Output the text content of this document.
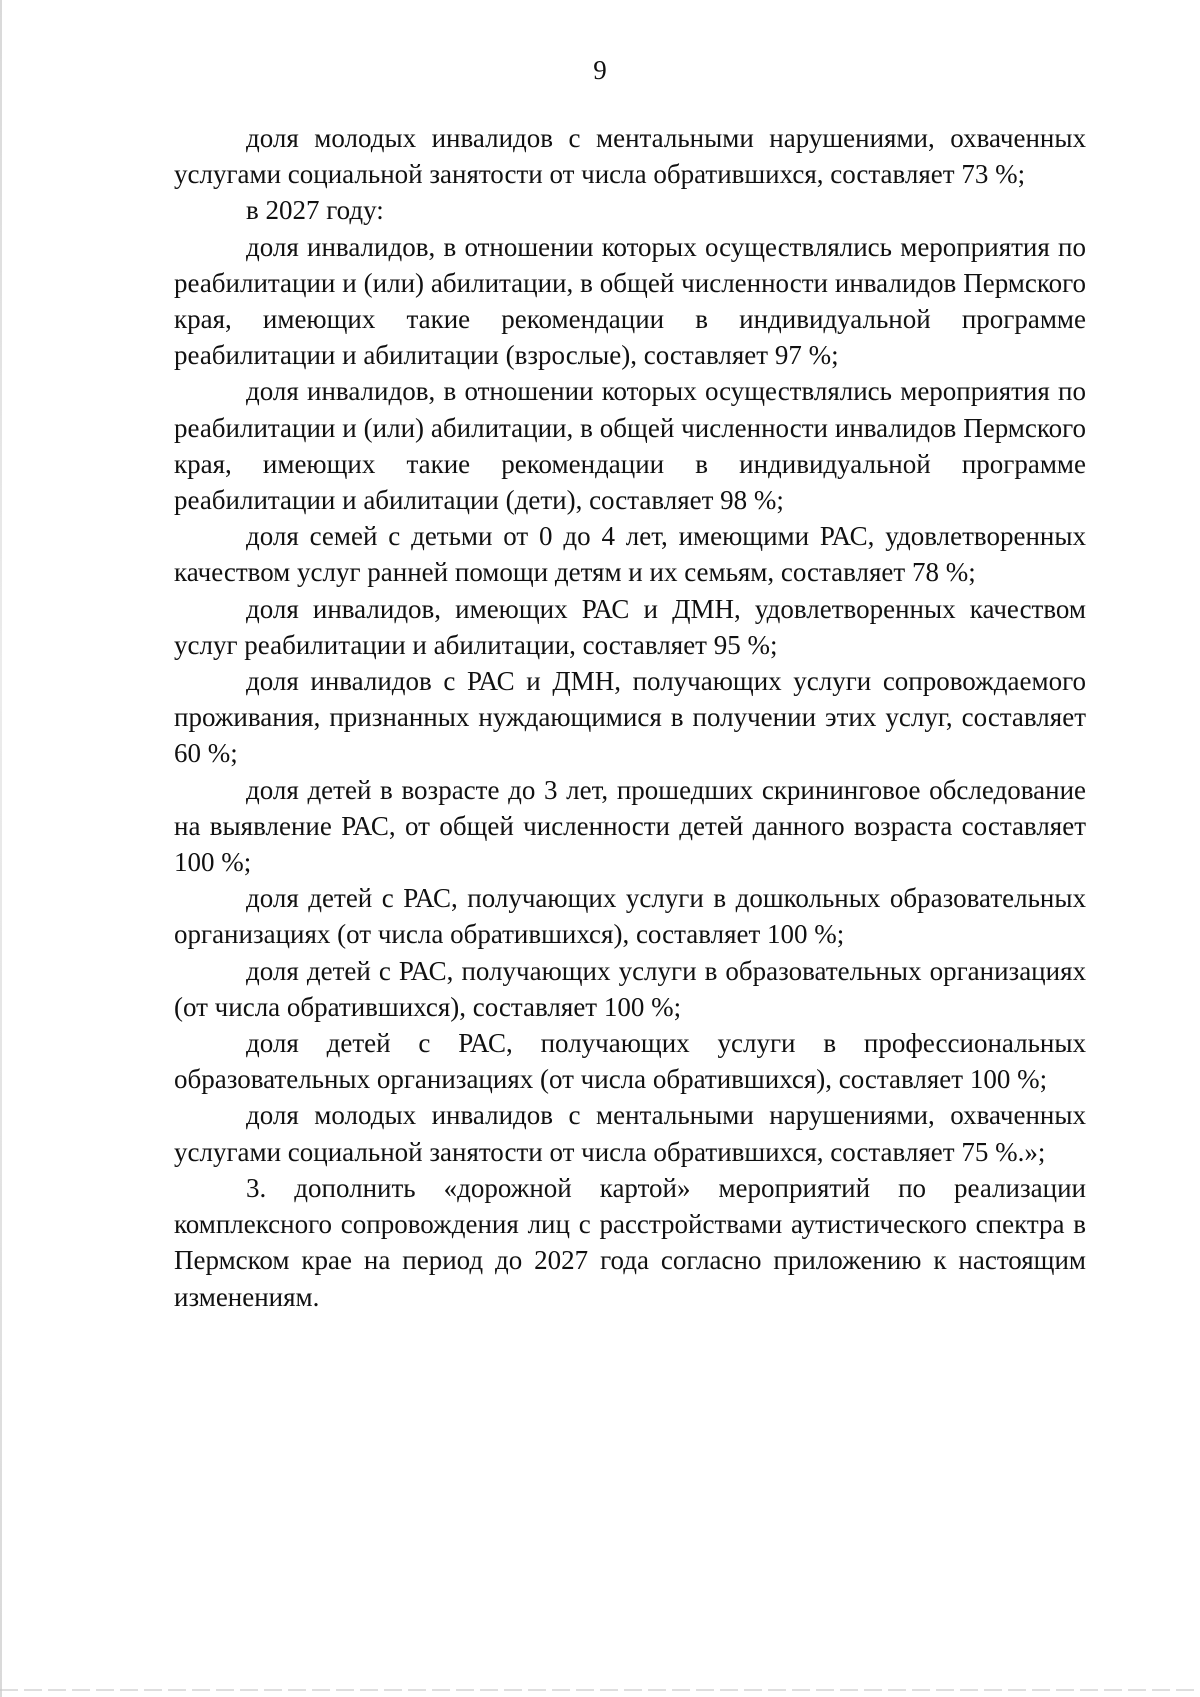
9

доля молодых инвалидов с ментальными нарушениями, охваченных услугами социальной занятости от числа обратившихся, составляет 73 %;

в 2027 году:

доля инвалидов, в отношении которых осуществлялись мероприятия по реабилитации и (или) абилитации, в общей численности инвалидов Пермского края, имеющих такие рекомендации в индивидуальной программе реабилитации и абилитации (взрослые), составляет 97 %;

доля инвалидов, в отношении которых осуществлялись мероприятия по реабилитации и (или) абилитации, в общей численности инвалидов Пермского края, имеющих такие рекомендации в индивидуальной программе реабилитации и абилитации (дети), составляет 98 %;

доля семей с детьми от 0 до 4 лет, имеющими РАС, удовлетворенных качеством услуг ранней помощи детям и их семьям, составляет 78 %;

доля инвалидов, имеющих РАС и ДМН, удовлетворенных качеством услуг реабилитации и абилитации, составляет 95 %;

доля инвалидов с РАС и ДМН, получающих услуги сопровождаемого проживания, признанных нуждающимися в получении этих услуг, составляет 60 %;

доля детей в возрасте до 3 лет, прошедших скрининговое обследование на выявление РАС, от общей численности детей данного возраста составляет 100 %;

доля детей с РАС, получающих услуги в дошкольных образовательных организациях (от числа обратившихся), составляет 100 %;

доля детей с РАС, получающих услуги в образовательных организациях (от числа обратившихся), составляет 100 %;

доля детей с РАС, получающих услуги в профессиональных образовательных организациях (от числа обратившихся), составляет 100 %;

доля молодых инвалидов с ментальными нарушениями, охваченных услугами социальной занятости от числа обратившихся, составляет 75 %.»;

3. дополнить «дорожной картой» мероприятий по реализации комплексного сопровождения лиц с расстройствами аутистического спектра в Пермском крае на период до 2027 года согласно приложению к настоящим изменениям.
